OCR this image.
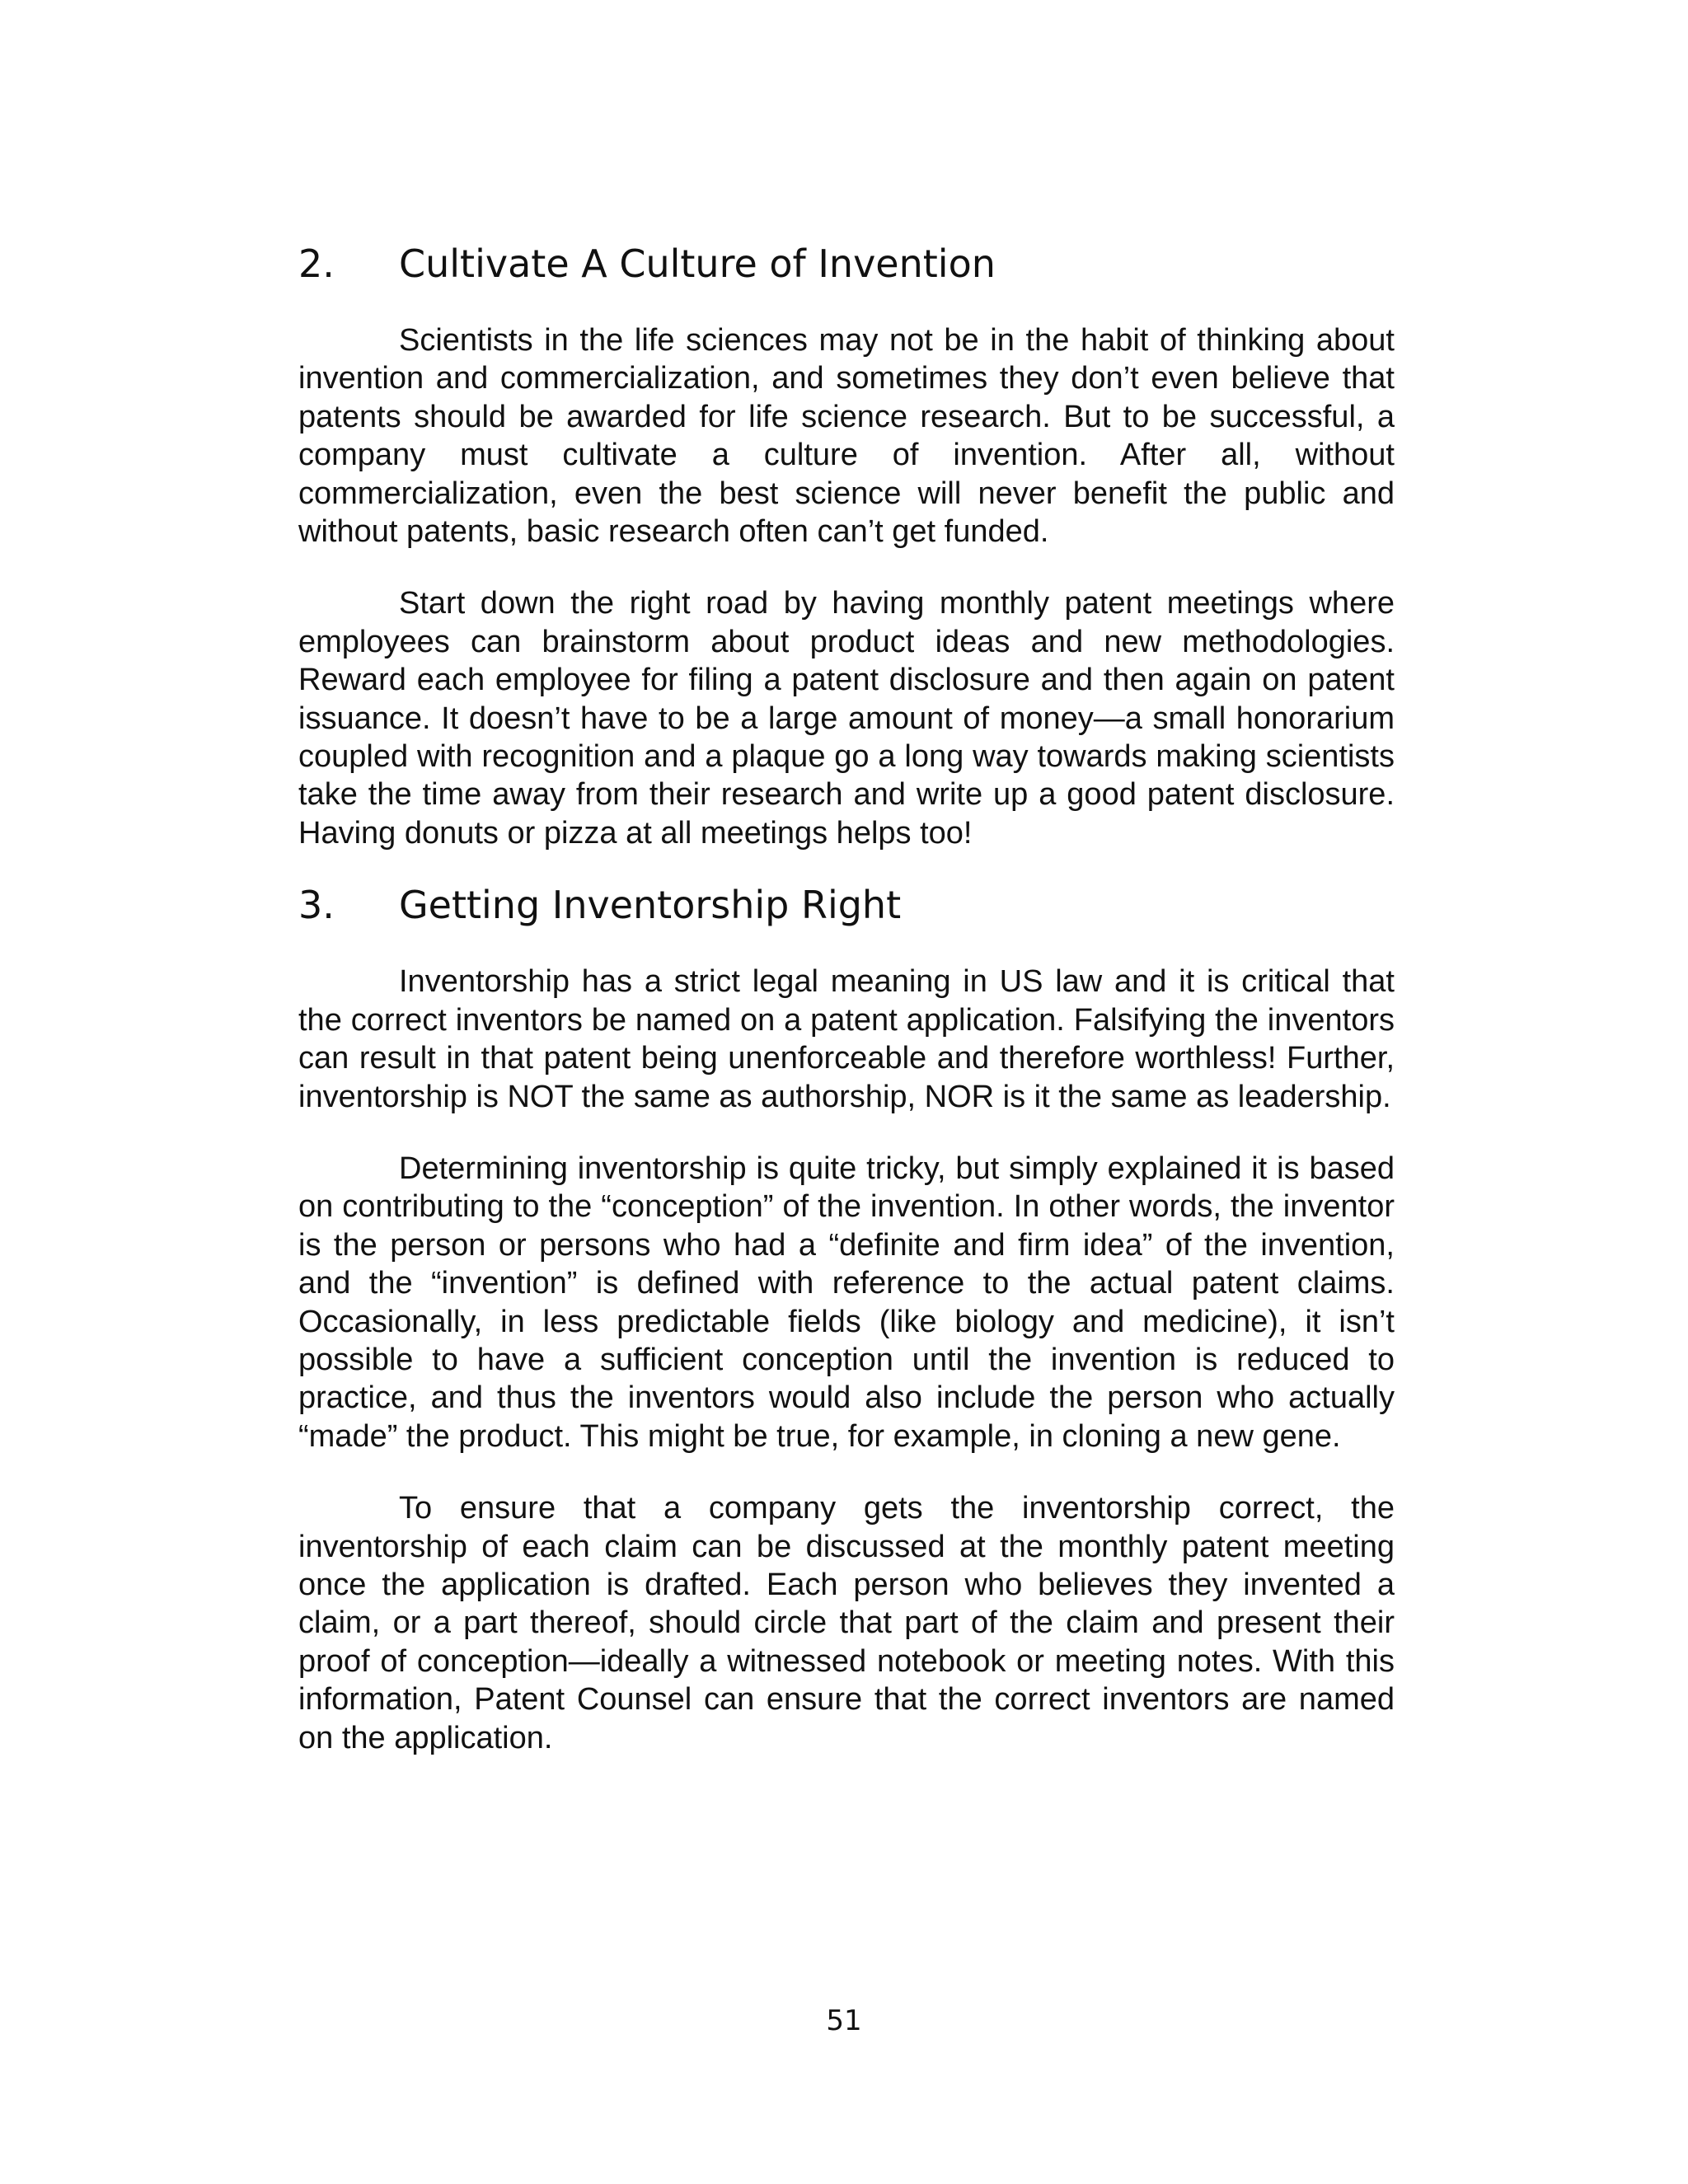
2.	Cultivate A Culture of Invention

Scientists in the life sciences may not be in the habit of thinking about invention and commercialization, and sometimes they don’t even believe that patents should be awarded for life science research. But to be successful, a company must cultivate a culture of invention. After all, without commercialization, even the best science will never benefit the public and without patents, basic research often can’t get funded.

Start down the right road by having monthly patent meetings where employees can brainstorm about product ideas and new methodologies. Reward each employee for filing a patent disclosure and then again on patent issuance. It doesn’t have to be a large amount of money—a small honorarium coupled with recognition and a plaque go a long way towards making scientists take the time away from their research and write up a good patent disclosure. Having donuts or pizza at all meetings helps too!

3.	Getting Inventorship Right

Inventorship has a strict legal meaning in US law and it is critical that the correct inventors be named on a patent application. Falsifying the inventors can result in that patent being unenforceable and therefore worthless! Further, inventorship is NOT the same as authorship, NOR is it the same as leadership.

Determining inventorship is quite tricky, but simply explained it is based on contributing to the “conception” of the invention. In other words, the inventor is the person or persons who had a “definite and firm idea” of the invention, and the “invention” is defined with reference to the actual patent claims. Occasionally, in less predictable fields (like biology and medicine), it isn’t possible to have a sufficient conception until the invention is reduced to practice, and thus the inventors would also include the person who actually “made” the product. This might be true, for example, in cloning a new gene.

To ensure that a company gets the inventorship correct, the inventorship of each claim can be discussed at the monthly patent meeting once the application is drafted. Each person who believes they invented a claim, or a part thereof, should circle that part of the claim and present their proof of conception—ideally a witnessed notebook or meeting notes. With this information, Patent Counsel can ensure that the correct inventors are named on the application.

51
